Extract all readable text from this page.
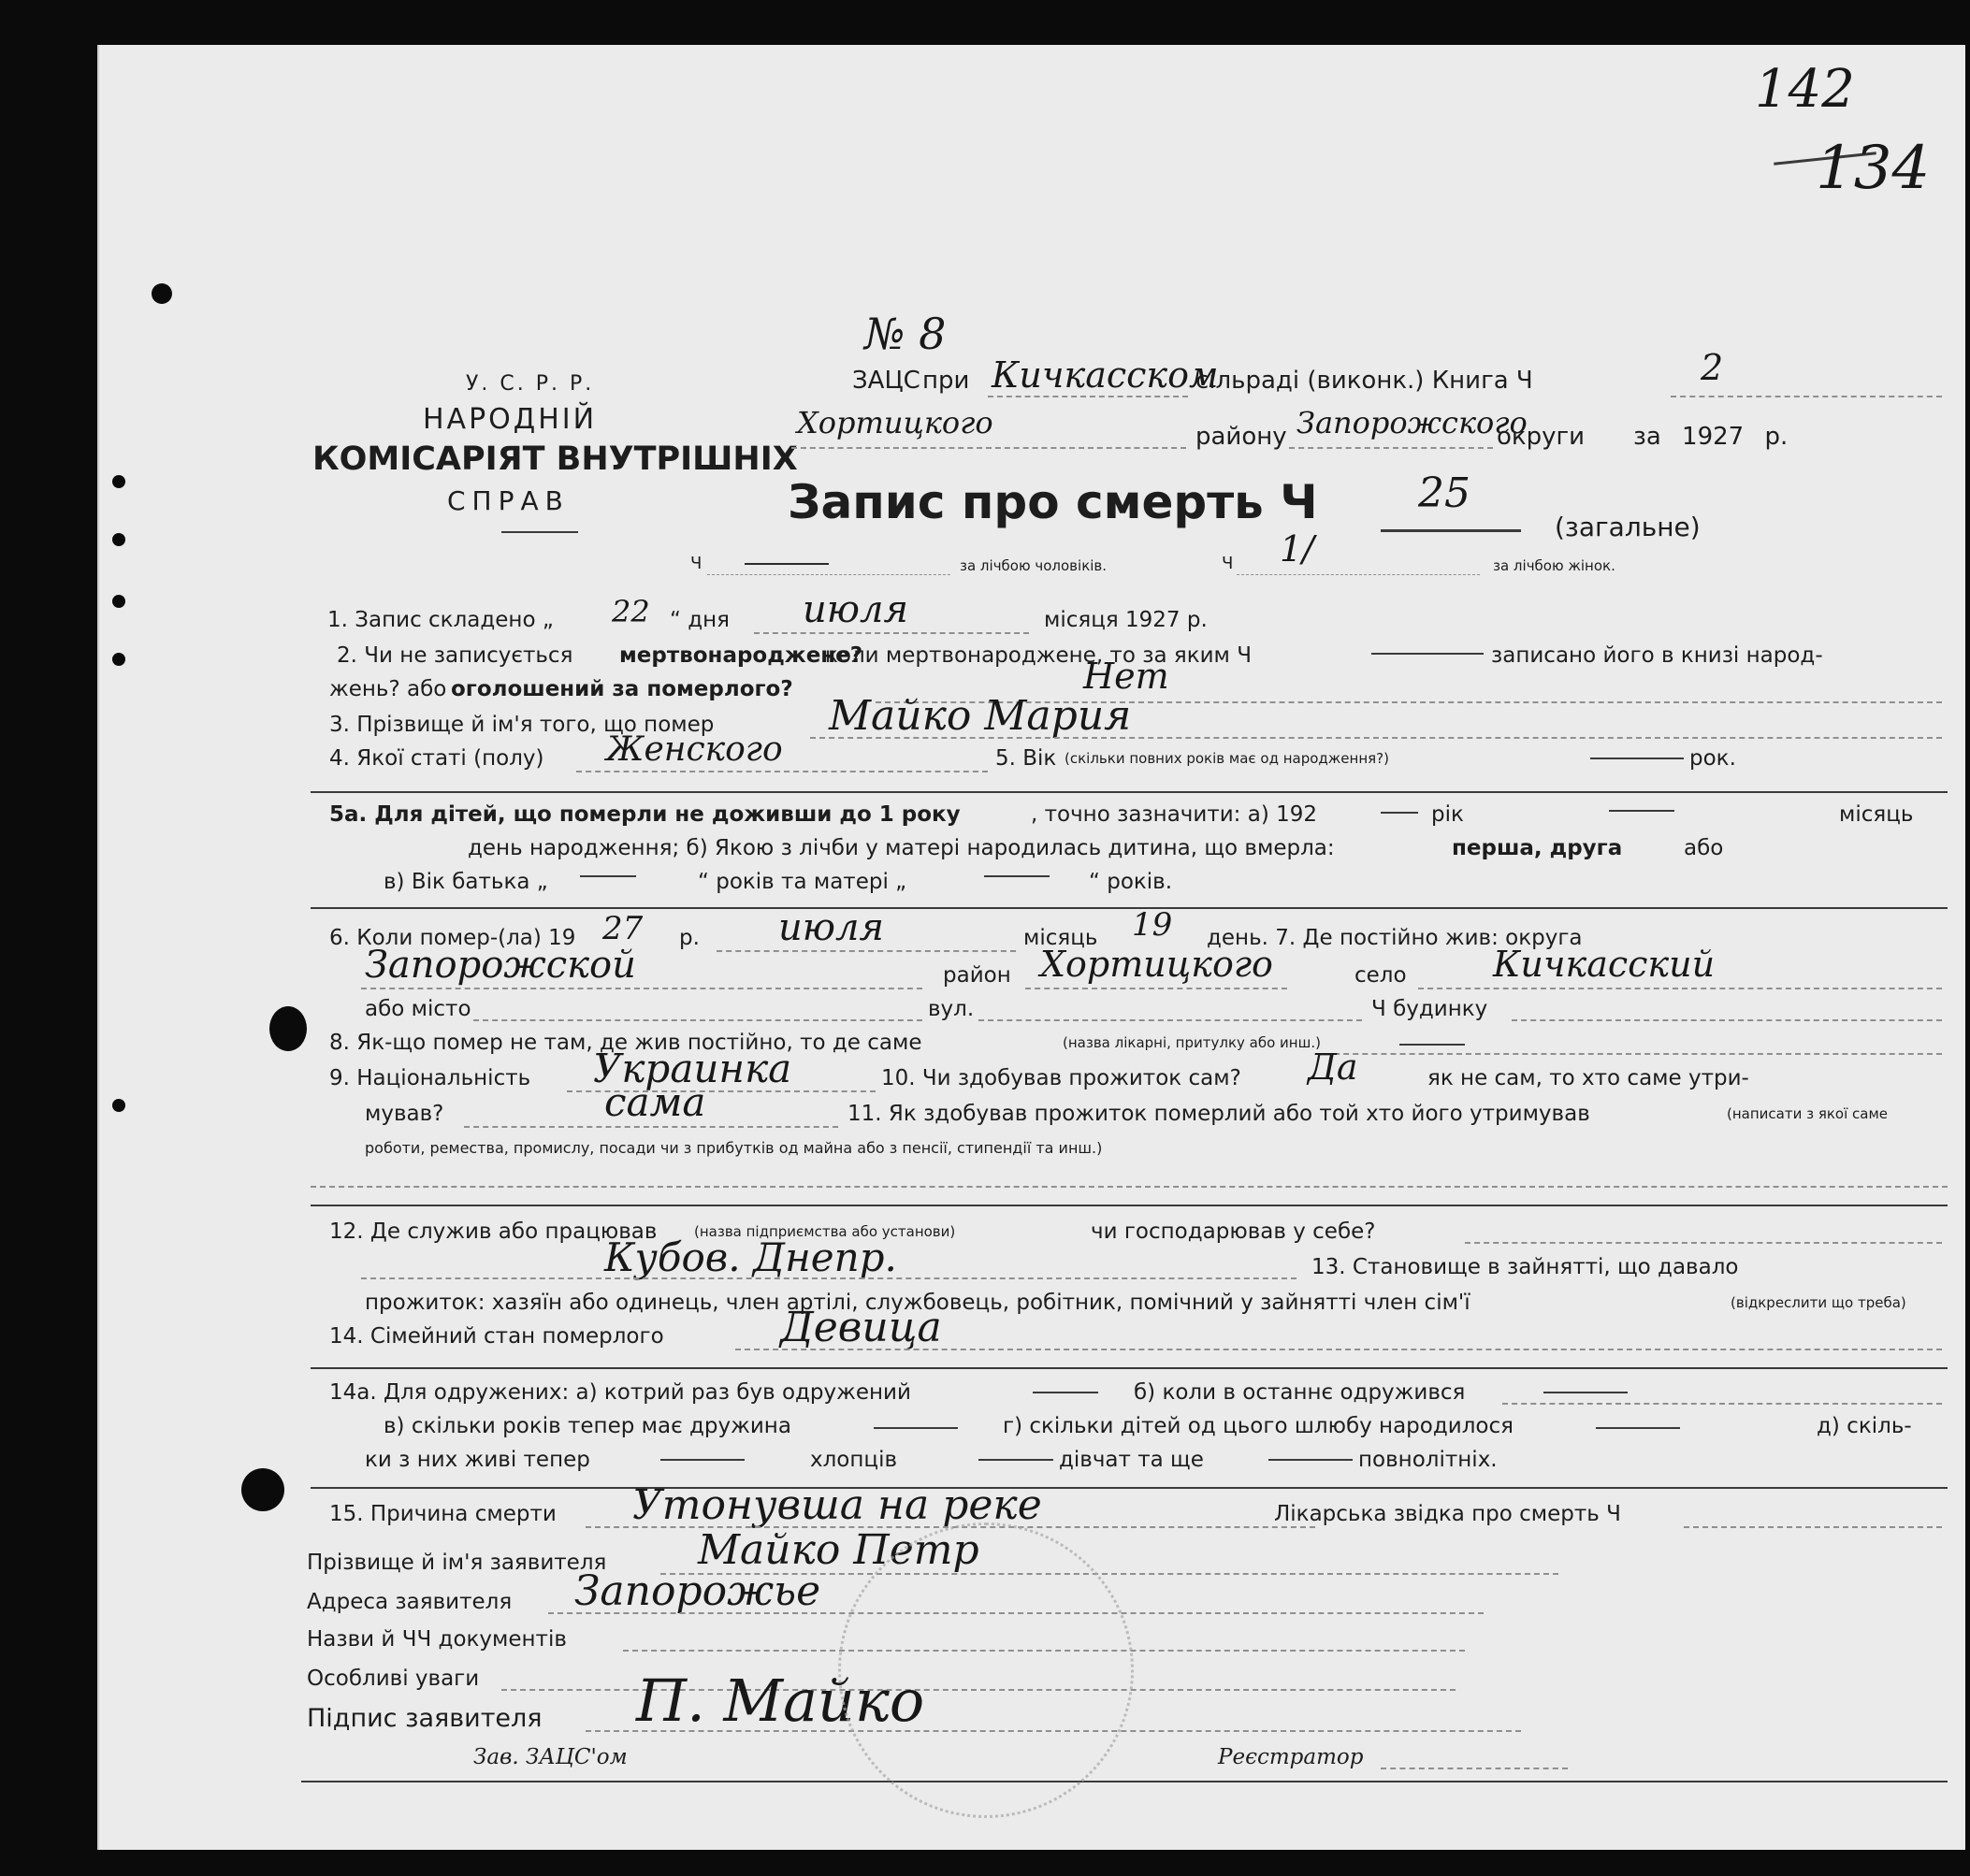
142
134
У. С. Р. Р.
НАРОДНІЙ
КОМІСАРІЯТ ВНУТРІШНІХ
СПРАВ
№ 8
ЗАЦС при Кичкасском
сільраді (виконк.) Книга Ч	2
Хортицкого	району Запорожского
округи за 1927 р.
Запис про смерть Ч 25
(загальне)
Ч	за лічбою чоловіків.	Ч 1/	за лічбою жінок.
1. Запис складено „ 22 “ дня июля	місяця 1927 р.
2. Чи не записується мертвонароджене?
коли мертвонароджене, то за яким Ч	записано його в книзі народ-
жень? або оголошений за померлого?	Нет
3. Прізвище й ім'я того, що помер	Майко Мария
4. Якої статі (полу) Женского	5. Вік (скільки повних років має од народження?)	рок.
5а. Для дітей, що померли не доживши до 1 року	, точно зазначити: а) 192	рік	місяць
день народження; б) Якою з лічби у матері народилась дитина, що вмерла:	перша, друга	або
в) Вік батька „	“ років та матері „	“ років.
6. Коли помер-(ла) 19 27 р. июля	місяць 19 день. 7. Де постійно жив: округа
Запорожской	район Хортицкого	село Кичкасский
або місто	вул.	Ч будинку
8. Як-що помер не там, де жив постійно, то де саме	(назва лікарні, притулку або инш.)
9. Національність Украинка	10. Чи здобував прожиток сам? Да	як не сам, то хто саме утри-
мував?	сама	11. Як здобував прожиток померлий або той хто його утримував	(написати з якої саме
роботи, ремества, промислу, посади чи з прибутків од майна або з пенсії, стипендії та инш.)
12. Де служив або працював	(назва підприємства або установи)	чи господарював у себе?
Кубов. Днепр.	13. Становище в зайнятті, що давало
прожиток: хазяїн або одинець, член артілі, службовець, робітник, помічний у зайнятті член сім'ї	(відкреслити що треба)
14. Сімейний стан померлого	Девица
14а. Для одружених: а) котрий раз був одружений	б) коли в останнє одружився
в) скільки років тепер має дружина	г) скільки дітей од цього шлюбу народилося	д) скіль-
ки з них живі тепер	хлопців	дівчат та ще	повнолітніх.
15. Причина смерти Утонувша на реке	Лікарська звідка про смерть Ч
Прізвище й ім'я заявителя Майко Петр
Адреса заявителя Запорожье
Назви й ЧЧ документів
Особливі уваги
Підпис заявителя П. Майко
Зав. ЗАЦС'ом	Реєстратор
